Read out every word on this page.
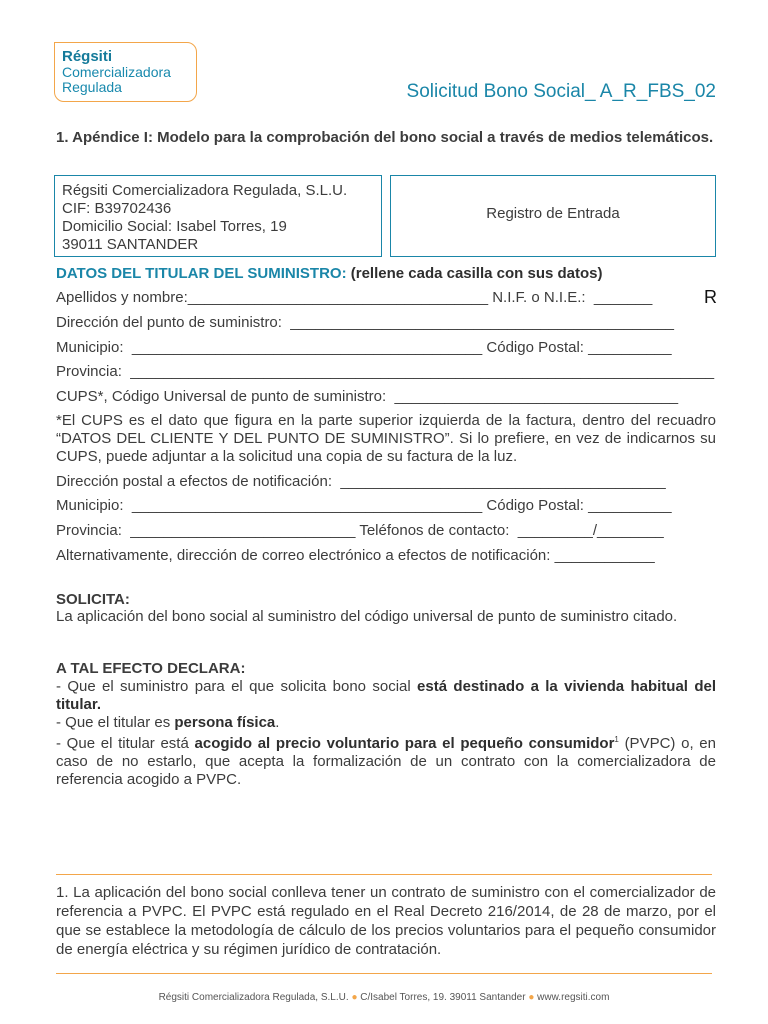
Régsiti
Comercializadora
Regulada	Solicitud Bono Social_ A_R_FBS_02
1. Apéndice I: Modelo para la comprobación del bono social a través de medios telemáticos.
Régsiti Comercializadora Regulada, S.L.U.
CIF: B39702436
Domicilio Social: Isabel Torres, 19
39011 SANTANDER
Registro de Entrada
DATOS DEL TITULAR DEL SUMINISTRO: (rellene cada casilla con sus datos)
Apellidos y nombre:____________________________________ N.I.F. o N.I.E.:  _______	R
Dirección del punto de suministro:  ______________________________________________
Municipio:  __________________________________________ Código Postal: __________
Provincia:  ______________________________________________________________________
CUPS*, Código Universal de punto de suministro:  __________________________________
*El CUPS es el dato que figura en la parte superior izquierda de la factura, dentro del recuadro “DATOS DEL CLIENTE Y DEL PUNTO DE SUMINISTRO”. Si lo prefiere, en vez de indicarnos su CUPS, puede adjuntar a la solicitud una copia de su factura de la luz.
Dirección postal a efectos de notificación:  _______________________________________
Municipio:  __________________________________________ Código Postal: __________
Provincia:  ___________________________ Teléfonos de contacto:  _________/________
Alternativamente, dirección de correo electrónico a efectos de notificación: ____________
SOLICITA:
La aplicación del bono social al suministro del código universal de punto de suministro citado.
A TAL EFECTO DECLARA:
- Que el suministro para el que solicita bono social está destinado a la vivienda habitual del titular.
- Que el titular es persona física.
- Que el titular está acogido al precio voluntario para el pequeño consumidor$^1$ (PVPC) o, en caso de no estarlo, que acepta la formalización de un contrato con la comercializadora de referencia acogido a PVPC.
1. La aplicación del bono social conlleva tener un contrato de suministro con el comercializador de referencia a PVPC. El PVPC está regulado en el Real Decreto 216/2014, de 28 de marzo, por el que se establece la metodología de cálculo de los precios voluntarios para el pequeño consumidor de energía eléctrica y su régimen jurídico de contratación.
Régsiti Comercializadora Regulada, S.L.U. ● C/Isabel Torres, 19. 39011 Santander ● www.regsiti.com
